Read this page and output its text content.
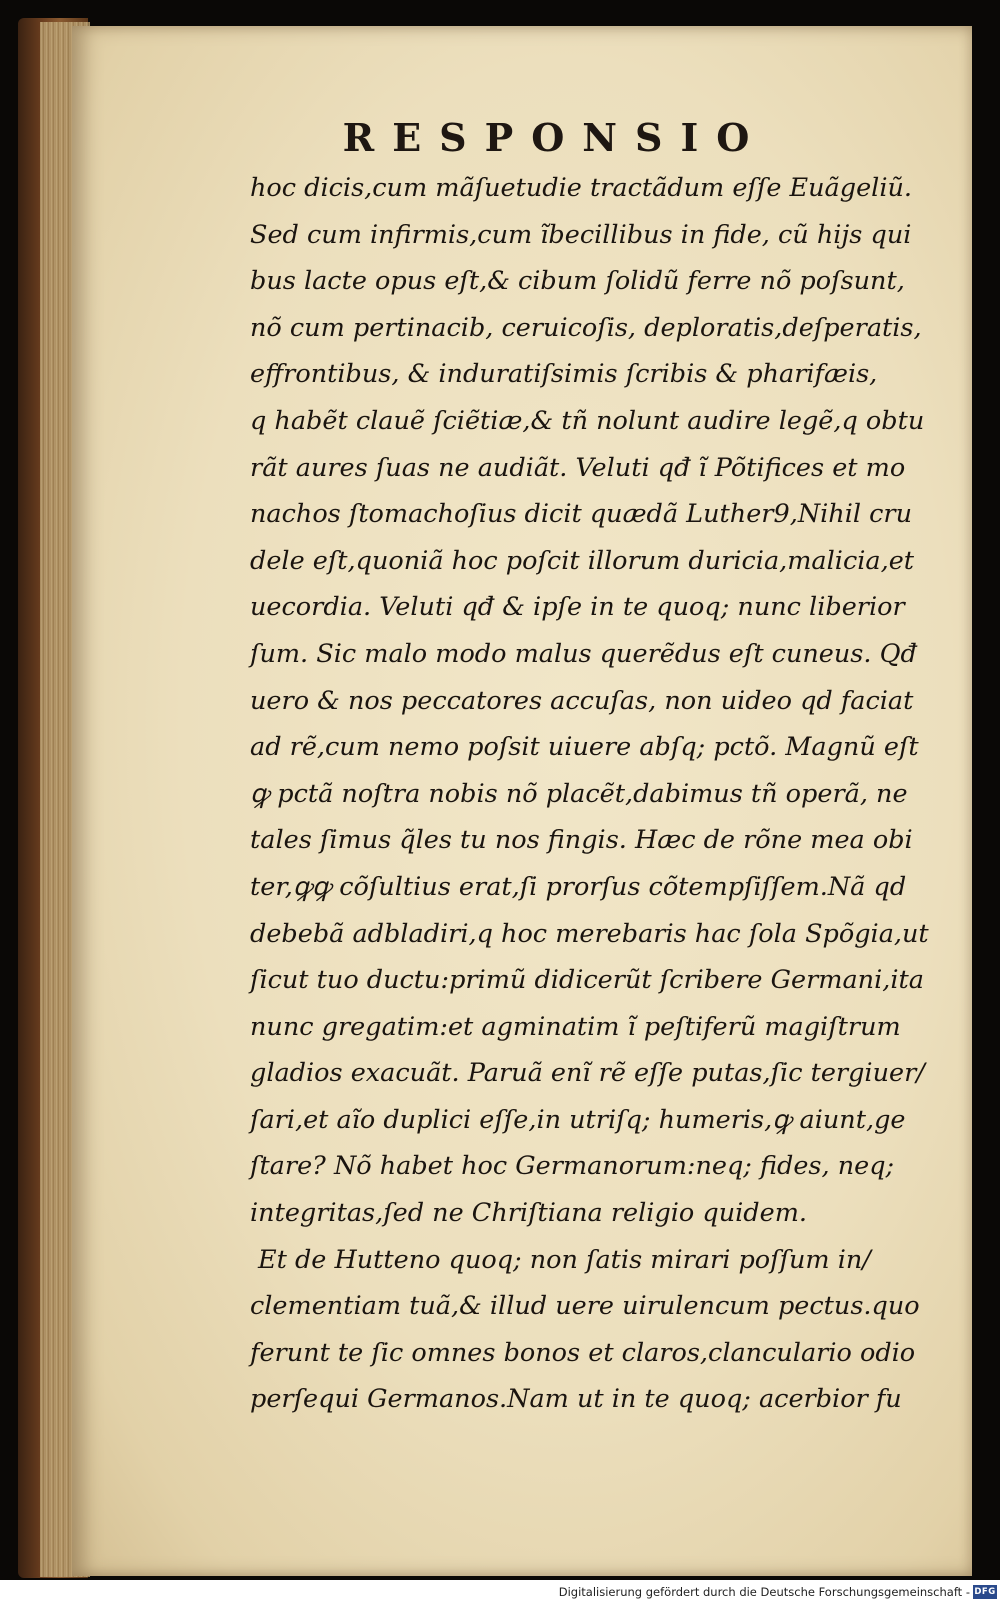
RESPONSIO
hoc dicis,cum mãſuetudie tractãdum eſſe Euãgeliũ.
Sed cum infirmis,cum ĩbecillibus in fide, cũ hijs qui
bus lacte opus eſt,& cibum ſolidũ ferre nõ poſsunt,
nõ cum pertinacib, ceruicoſis, deploratis,deſperatis,
effrontibus, & induratiſsimis ſcribis & pharifæis,
q habẽt clauẽ ſciẽtiæ,& tñ nolunt audire legẽ,q obtu
rãt aures ſuas ne audiãt. Veluti qđ ĩ Põtifices et mo
nachos ſtomachoſius dicit quædã Luther9,Nihil cru
dele eſt,quoniã hoc poſcit illorum duricia,malicia,et
uecordia. Veluti qđ & ipſe in te quoq; nunc liberior
ſum. Sic malo modo malus querẽdus eſt cuneus. Qđ
uero & nos peccatores accuſas, non uideo qd faciat
ad rẽ,cum nemo poſsit uiuere abſq; pctõ. Magnũ eſt
ꝙ pctã noſtra nobis nõ placẽt,dabimus tñ operã, ne
tales ſimus q̃les tu nos fingis. Hæc de rõne mea obi
ter,ꝙꝙ cõſultius erat,ſi prorſus cõtempſiſſem.Nã qd
debebã adbladiri,q hoc merebaris hac ſola Spõgia,ut
ſicut tuo ductu:primũ didicerũt ſcribere Germani,ita
nunc gregatim:et agminatim ĩ peſtiferũ magiſtrum
gladios exacuãt. Paruã enĩ rẽ eſſe putas,ſic tergiuer/
ſari,et aĩo duplici eſſe,in utriſq; humeris,ꝙ aiunt,ge
ſtare? Nõ habet hoc Germanorum:neq; fides, neq;
integritas,ſed ne Chriſtiana religio quidem.
Et de Hutteno quoq; non ſatis mirari poſſum in/
clementiam tuã,& illud uere uirulencum pectus.quo
ferunt te ſic omnes bonos et claros,clanculario odio
perſequi Germanos.Nam ut in te quoq; acerbior fu
Digitalisierung gefördert durch die Deutsche Forschungsgemeinschaft - DFG
